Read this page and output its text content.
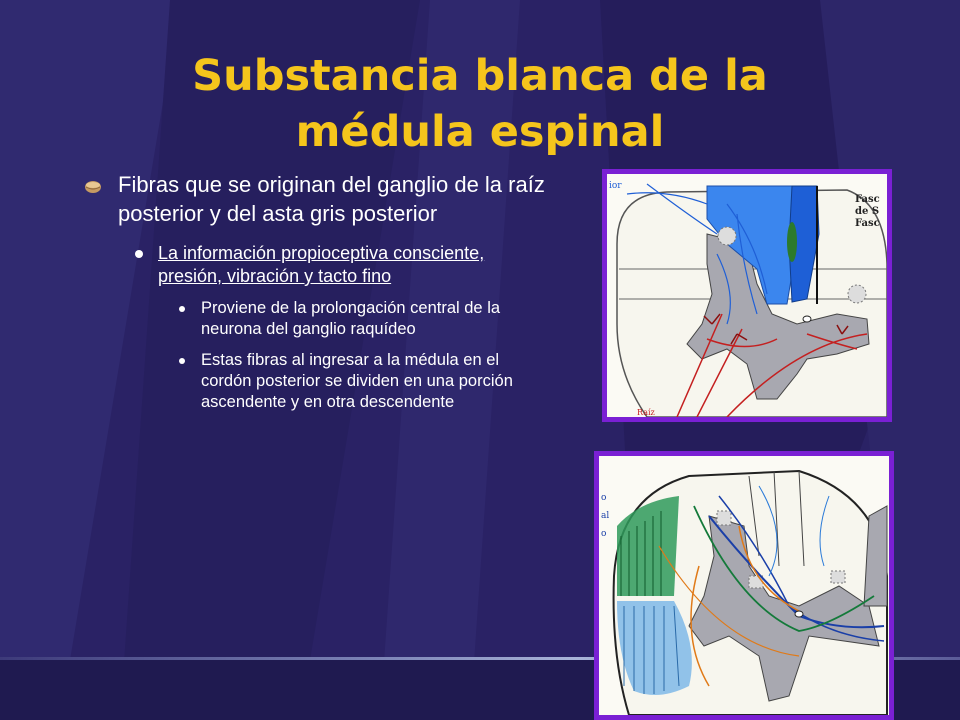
Substancia blanca de la
médula espinal

Fibras que se originan del ganglio de la raíz posterior y del asta gris posterior

La información propioceptiva consciente, presión, vibración y tacto fino

Proviene de la prolongación central de la neurona del ganglio raquídeo

Estas fibras al ingresar a la médula en el cordón posterior se dividen en una porción ascendente y en otra descendente

ior
Fasc
de S
Fasc
Raíz
o
al
o
